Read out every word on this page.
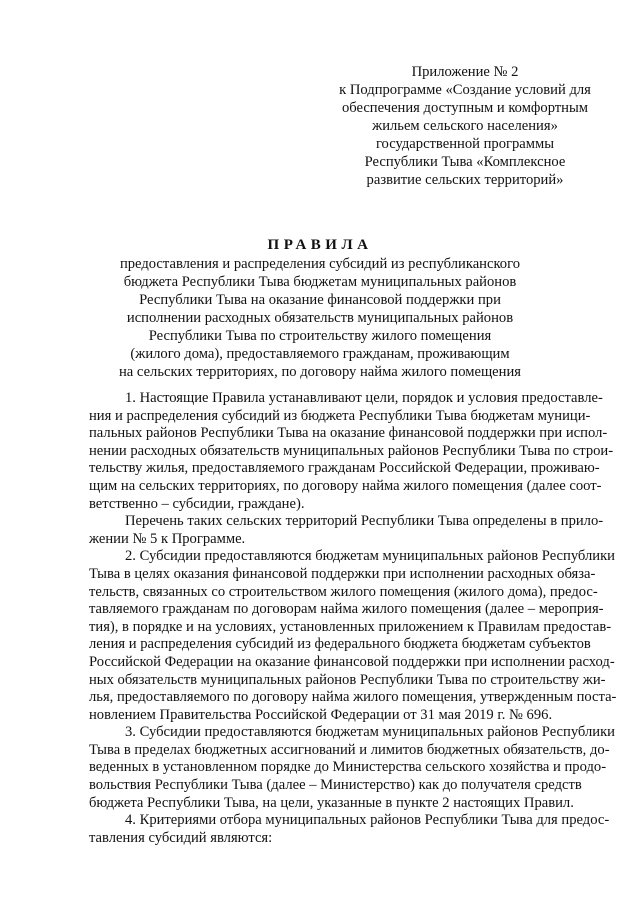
Приложение № 2
к Подпрограмме «Создание условий для
обеспечения доступным и комфортным
жильем сельского населения»
государственной программы
Республики Тыва «Комплексное
развитие сельских территорий»
ПРАВИЛА
предоставления и распределения субсидий из республиканского
бюджета Республики Тыва бюджетам муниципальных районов
Республики Тыва на оказание финансовой поддержки при
исполнении расходных обязательств муниципальных районов
Республики Тыва по строительству жилого помещения
(жилого дома), предоставляемого гражданам, проживающим
на сельских территориях, по договору найма жилого помещения
1. Настоящие Правила устанавливают цели, порядок и условия предоставле-
ния и распределения субсидий из бюджета Республики Тыва бюджетам муници-
пальных районов Республики Тыва на оказание финансовой поддержки при испол-
нении расходных обязательств муниципальных районов Республики Тыва по строи-
тельству жилья, предоставляемого гражданам Российской Федерации, проживаю-
щим на сельских территориях, по договору найма жилого помещения (далее соот-
ветственно – субсидии, граждане).
Перечень таких сельских территорий Республики Тыва определены в прило-
жении № 5 к Программе.
2. Субсидии предоставляются бюджетам муниципальных районов Республики
Тыва в целях оказания финансовой поддержки при исполнении расходных обяза-
тельств, связанных со строительством жилого помещения (жилого дома), предос-
тавляемого гражданам по договорам найма жилого помещения (далее – мероприя-
тия), в порядке и на условиях, установленных приложением к Правилам предостав-
ления и распределения субсидий из федерального бюджета бюджетам субъектов
Российской Федерации на оказание финансовой поддержки при исполнении расход-
ных обязательств муниципальных районов Республики Тыва по строительству жи-
лья, предоставляемого по договору найма жилого помещения, утвержденным поста-
новлением Правительства Российской Федерации от 31 мая 2019 г. № 696.
3. Субсидии предоставляются бюджетам муниципальных районов Республики
Тыва в пределах бюджетных ассигнований и лимитов бюджетных обязательств, до-
веденных в установленном порядке до Министерства сельского хозяйства и продо-
вольствия Республики Тыва (далее – Министерство) как до получателя средств
бюджета Республики Тыва, на цели, указанные в пункте 2 настоящих Правил.
4. Критериями отбора муниципальных районов Республики Тыва для предос-
тавления субсидий являются:
